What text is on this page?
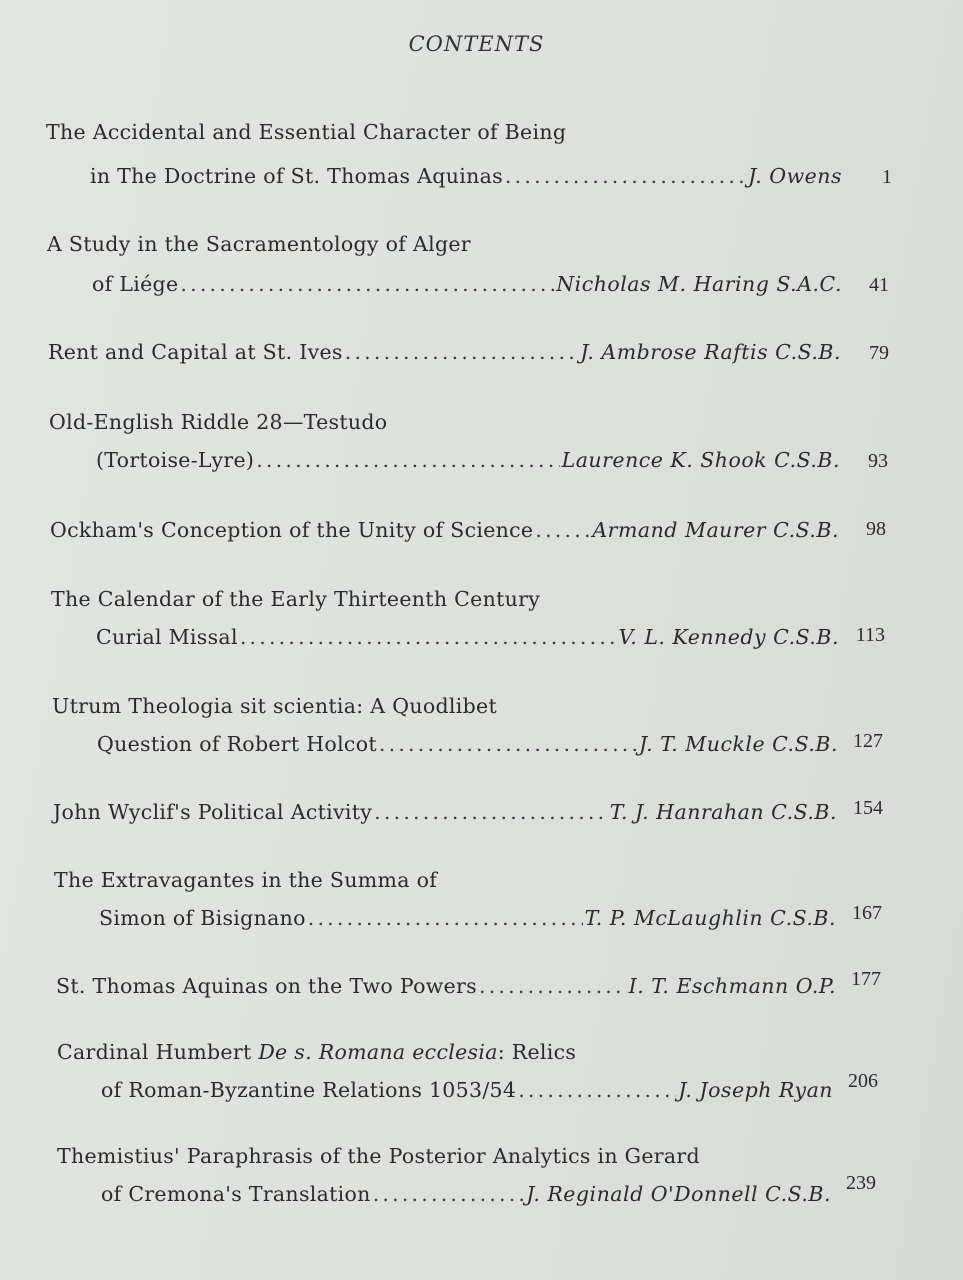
CONTENTS
The Accidental and Essential Character of Being
in The Doctrine of St. Thomas Aquinas .....	J. Owens	1
A Study in the Sacramentology of Alger
of Liége .....	Nicholas M. Haring S.A.C.	41
Rent and Capital at St. Ives .....	J. Ambrose Raftis C.S.B.	79
Old-English Riddle 28—Testudo
(Tortoise-Lyre) .....	Laurence K. Shook C.S.B.	93
Ockham's Conception of the Unity of Science .....	Armand Maurer C.S.B.	98
The Calendar of the Early Thirteenth Century
Curial Missal .....	V. L. Kennedy C.S.B. 113
Utrum Theologia sit scientia: A Quodlibet
Question of Robert Holcot .....	J. T. Muckle C.S.B. 127
John Wyclif's Political Activity .....	T. J. Hanrahan C.S.B. 154
The Extravagantes in the Summa of
Simon of Bisignano .....	T. P. McLaughlin C.S.B. 167
St. Thomas Aquinas on the Two Powers .....	I. T. Eschmann O.P. 177
Cardinal Humbert De s. Romana ecclesia: Relics
of Roman-Byzantine Relations 1053/54 .....	J. Joseph Ryan 206
Themistius' Paraphrasis of the Posterior Analytics in Gerard
of Cremona's Translation .....	J. Reginald O'Donnell C.S.B. 239
